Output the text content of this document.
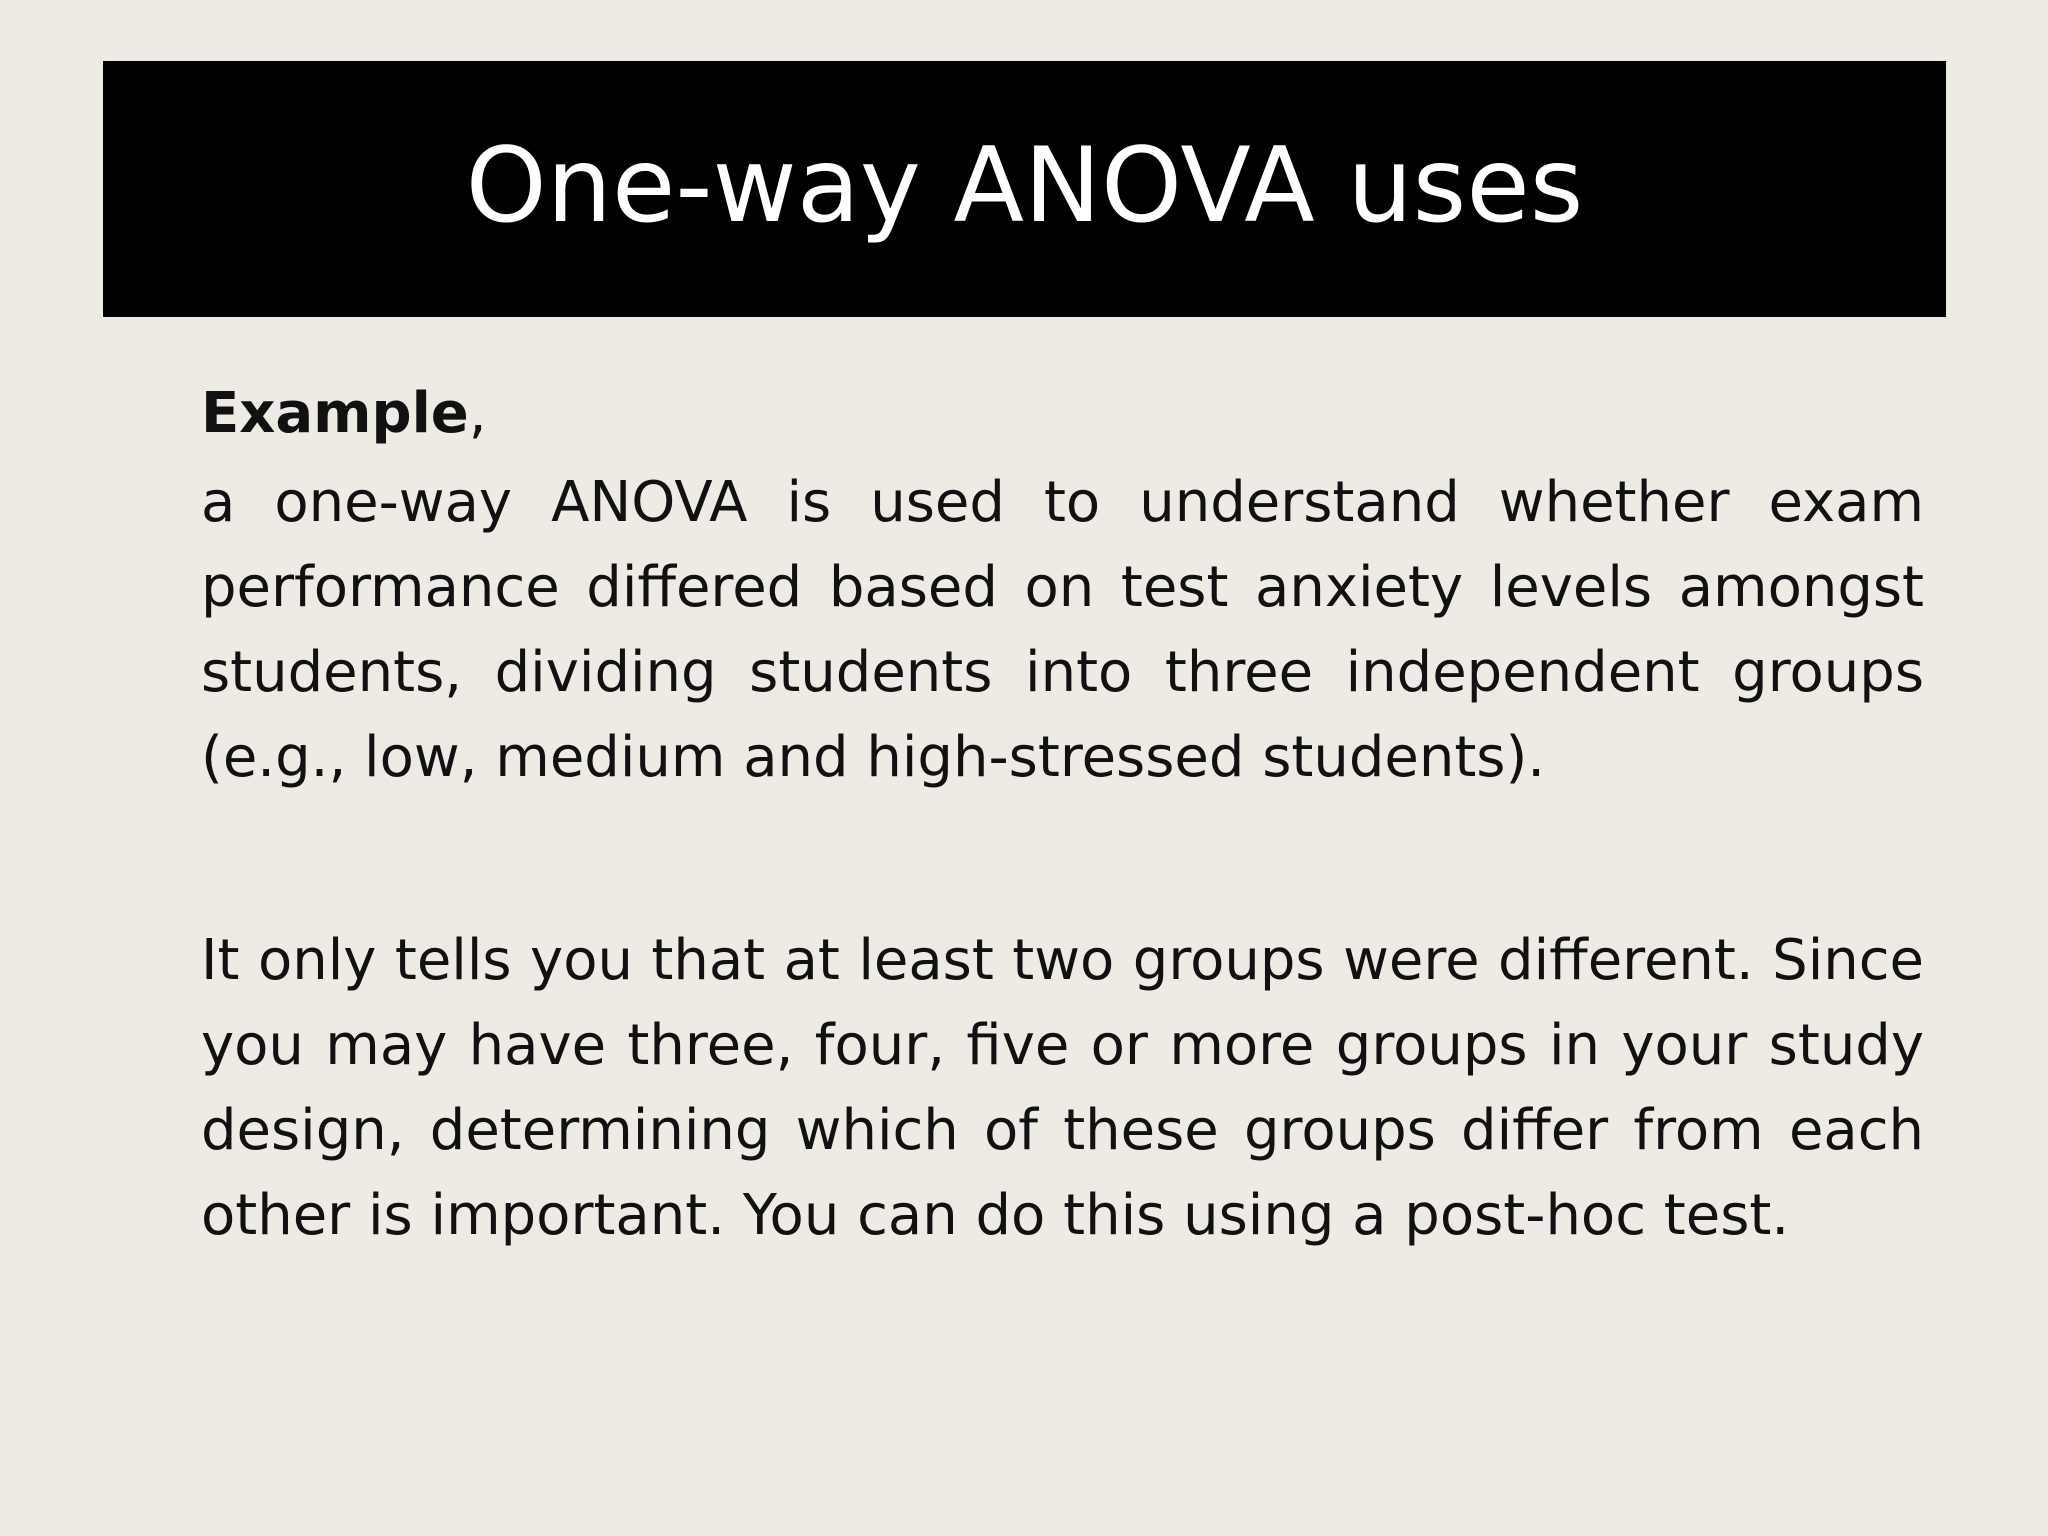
One-way ANOVA uses

Example,

a one-way ANOVA is used to understand whether exam performance differed based on test anxiety levels amongst students, dividing students into three independent groups (e.g., low, medium and high-stressed students).

It only tells you that at least two groups were different. Since you may have three, four, five or more groups in your study design, determining which of these groups differ from each other is important. You can do this using a post-hoc test.
